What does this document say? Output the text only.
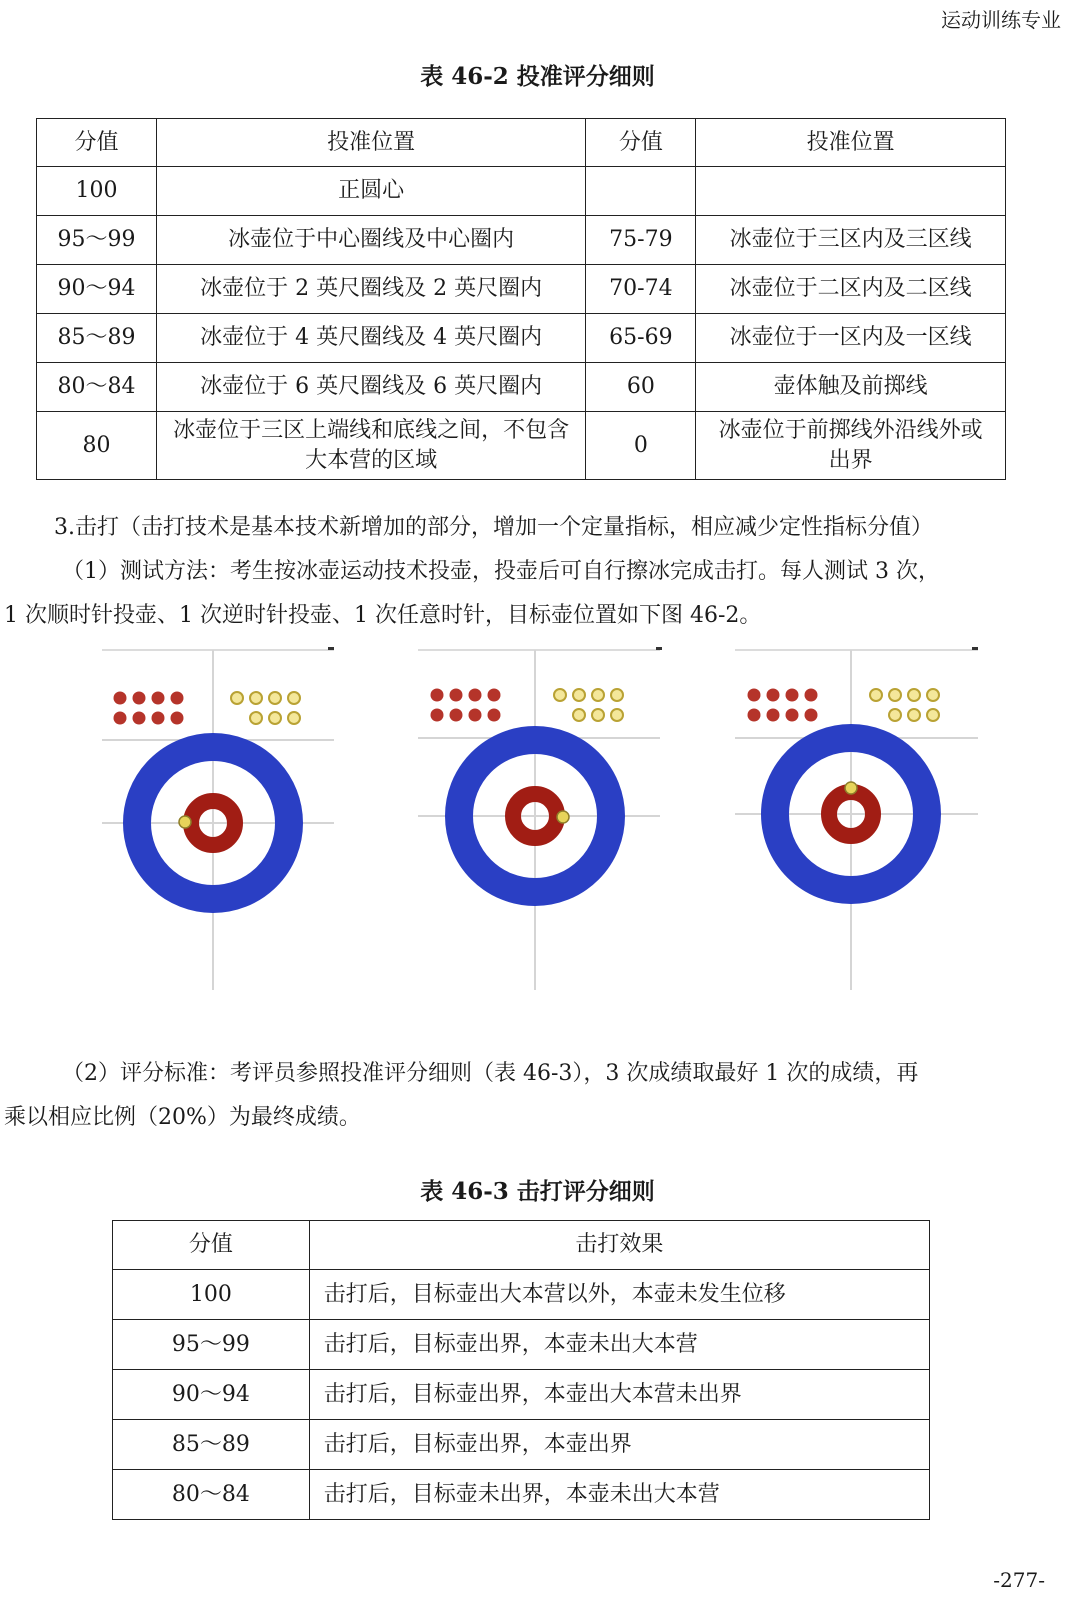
运动训练专业
表 46-2 投准评分细则
分值	投准位置	分值	投准位置
100	正圆心		
95～99	冰壶位于中心圈线及中心圈内	75-79	冰壶位于三区内及三区线
90～94	冰壶位于 2 英尺圈线及 2 英尺圈内	70-74	冰壶位于二区内及二区线
85～89	冰壶位于 4 英尺圈线及 4 英尺圈内	65-69	冰壶位于一区内及一区线
80～84	冰壶位于 6 英尺圈线及 6 英尺圈内	60	壶体触及前掷线
80	冰壶位于三区上端线和底线之间，不包含大本营的区域	0	冰壶位于前掷线外沿线外或出界
3.击打（击打技术是基本技术新增加的部分，增加一个定量指标，相应减少定性指标分值）
（1）测试方法：考生按冰壶运动技术投壶，投壶后可自行擦冰完成击打。每人测试 3 次，
1 次顺时针投壶、1 次逆时针投壶、1 次任意时针，目标壶位置如下图 46-2。
（2）评分标准：考评员参照投准评分细则（表 46-3），3 次成绩取最好 1 次的成绩，再
乘以相应比例（20%）为最终成绩。
表 46-3 击打评分细则
分值	击打效果
100	击打后，目标壶出大本营以外，本壶未发生位移
95～99	击打后，目标壶出界，本壶未出大本营
90～94	击打后，目标壶出界，本壶出大本营未出界
85～89	击打后，目标壶出界，本壶出界
80～84	击打后，目标壶未出界，本壶未出大本营
-277-
